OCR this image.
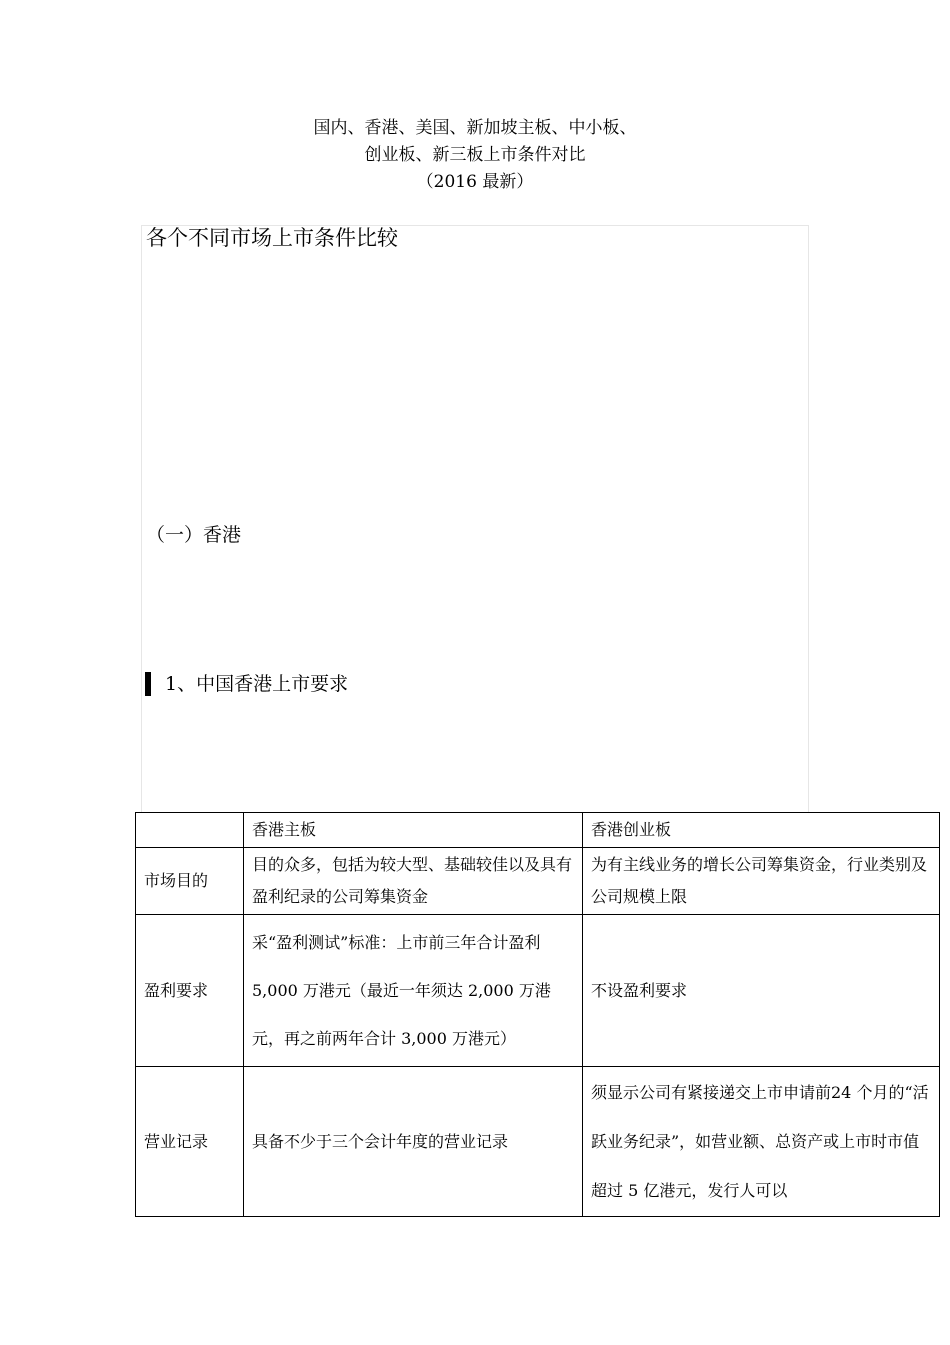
国内、香港、美国、新加坡主板、中小板、
创业板、新三板上市条件对比
（2016 最新）
各个不同市场上市条件比较
（一）香港
1、中国香港上市要求
	香港主板	香港创业板
市场目的	目的众多，包括为较大型、基础较佳以及具有盈利纪录的公司筹集资金	为有主线业务的增长公司筹集资金，行业类别及公司规模上限
盈利要求	采“盈利测试”标准：上市前三年合计盈利 5,000 万港元（最近一年须达 2,000 万港元，再之前两年合计 3,000 万港元）	不设盈利要求
营业记录	具备不少于三个会计年度的营业记录	须显示公司有紧接递交上市申请前24 个月的“活跃业务纪录”，如营业额、总资产或上市时市值超过 5 亿港元，发行人可以
